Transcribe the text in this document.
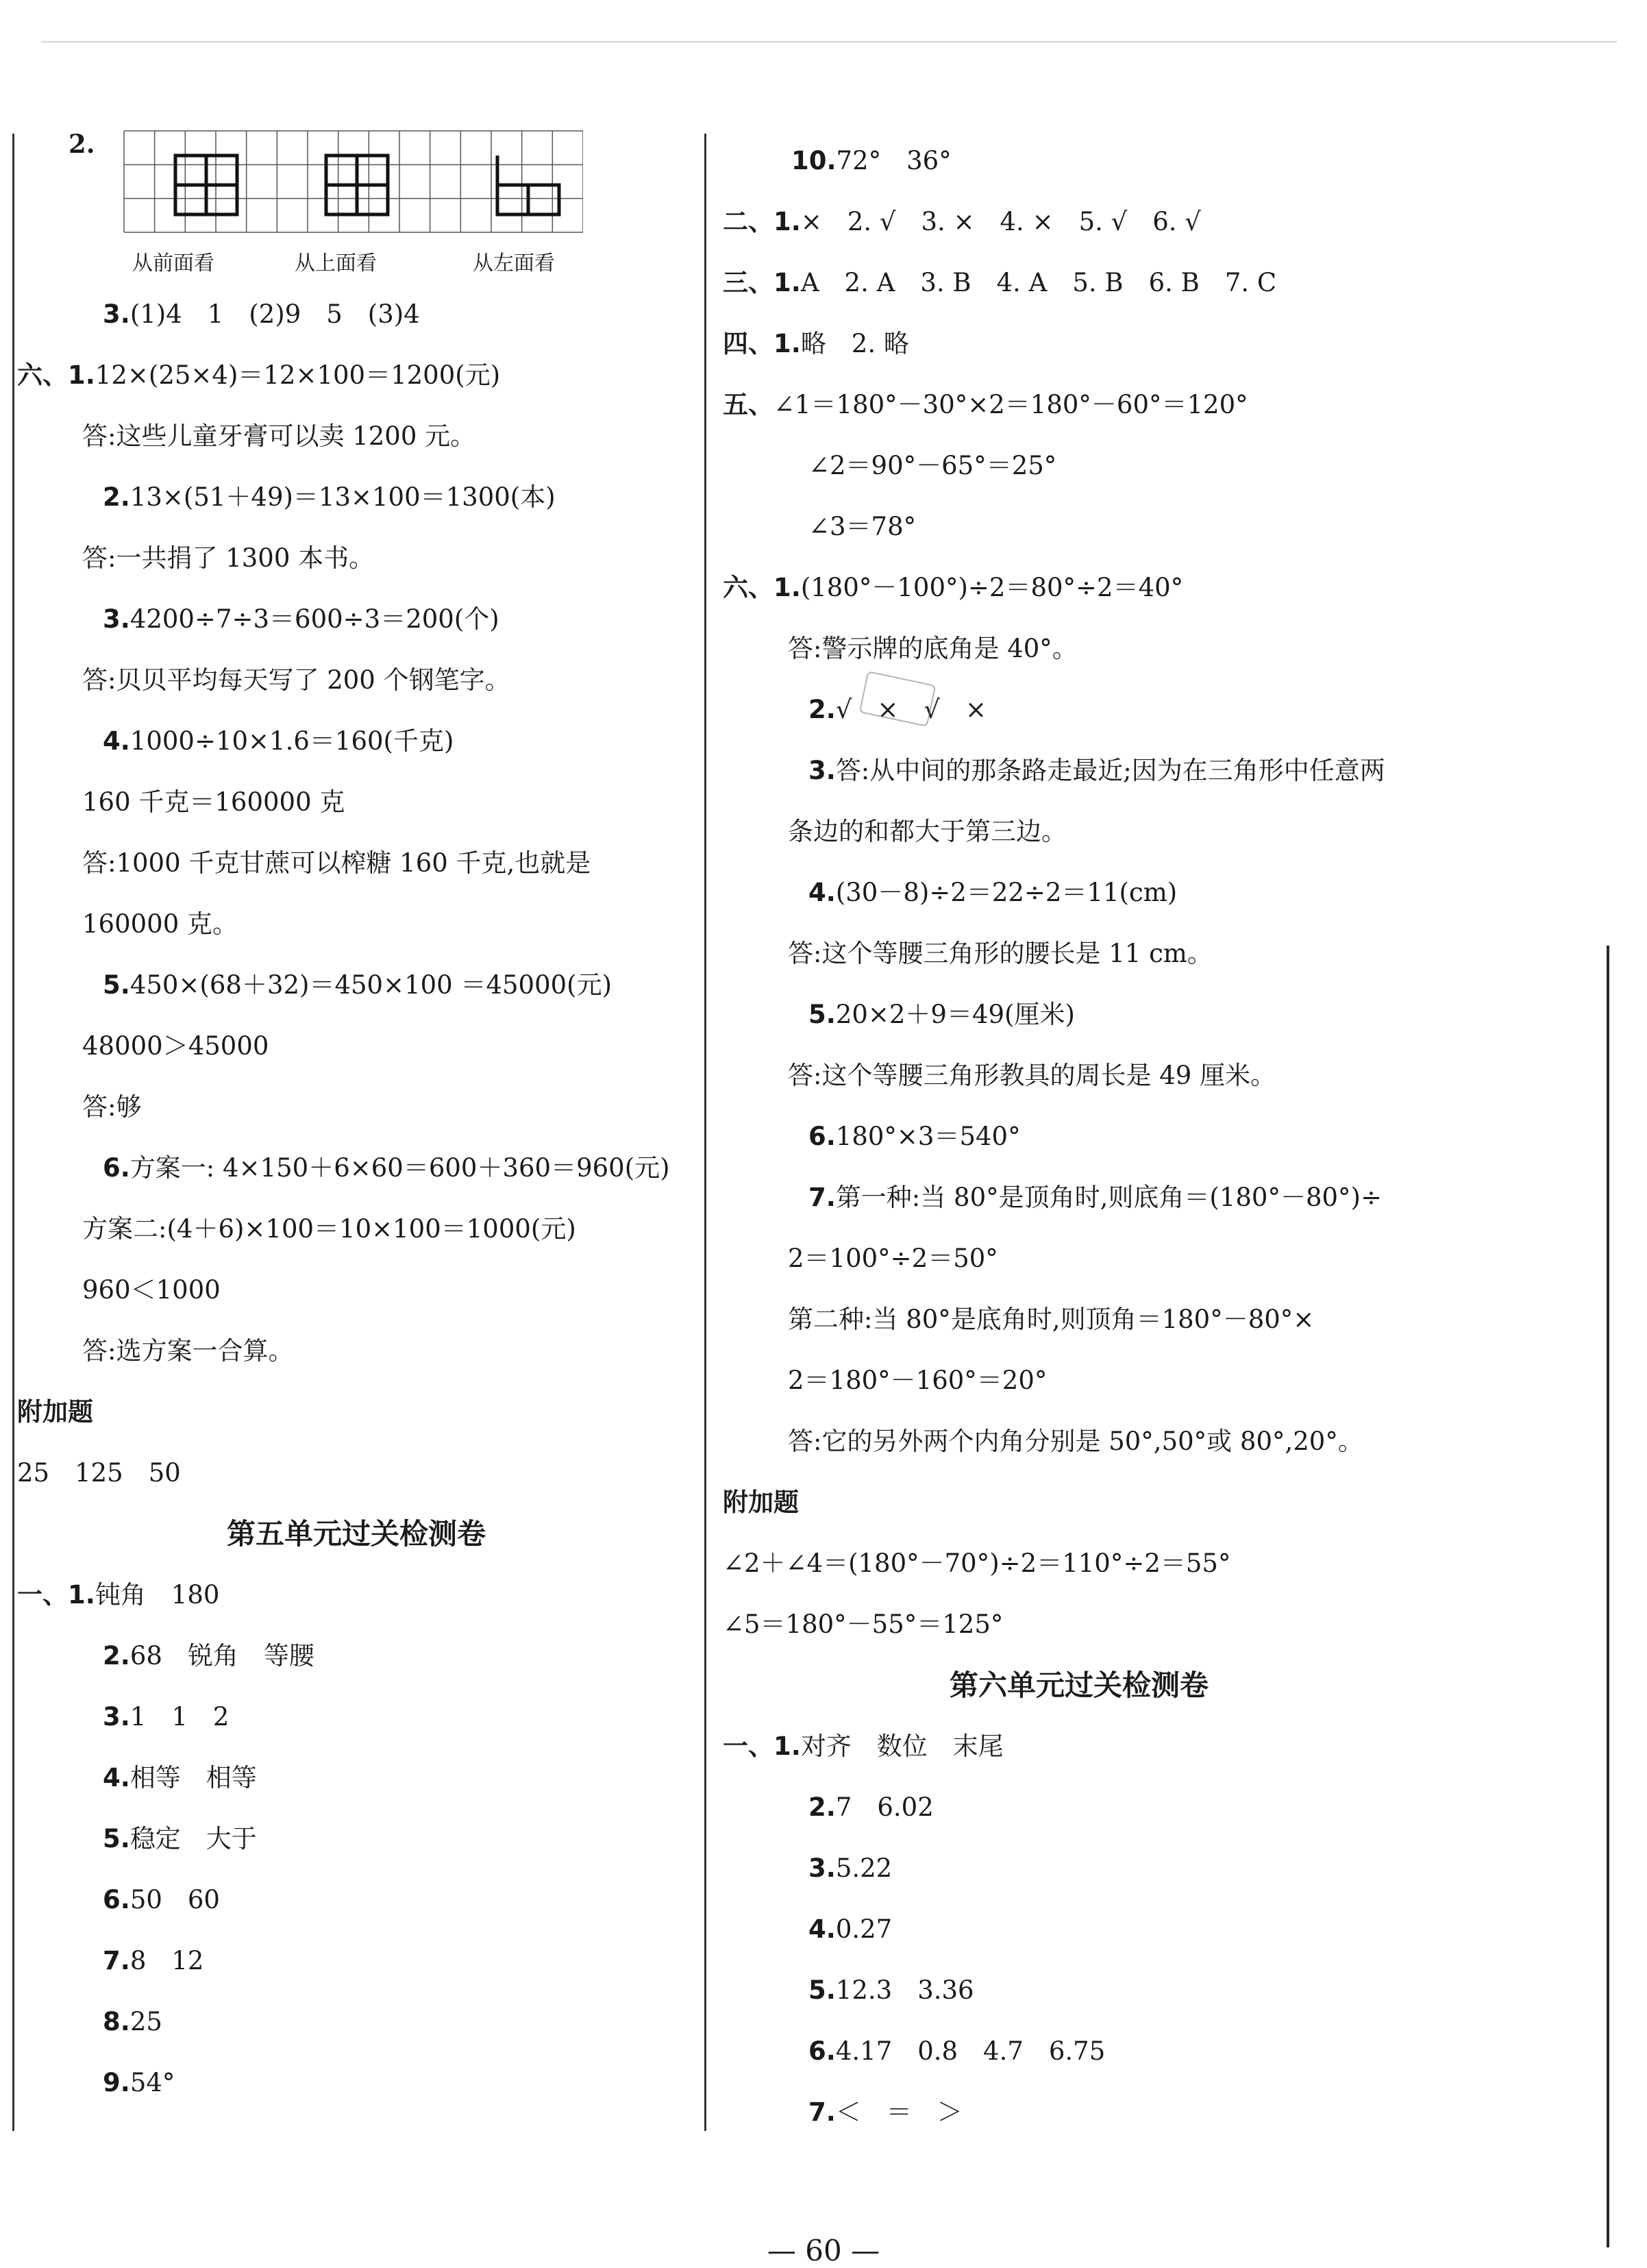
2.
从前面看	从上面看	从左面看
3.(1)4　1　(2)9　5　(3)4
六、1.12×(25×4)＝12×100＝1200(元)
答:这些儿童牙膏可以卖 1200 元。
2.13×(51＋49)＝13×100＝1300(本)
答:一共捐了 1300 本书。
3.4200÷7÷3＝600÷3＝200(个)
答:贝贝平均每天写了 200 个钢笔字。
4.1000÷10×1.6＝160(千克)
160 千克＝160000 克
答:1000 千克甘蔗可以榨糖 160 千克,也就是
160000 克。
5.450×(68＋32)＝450×100 ＝45000(元)
48000＞45000
答:够
6.方案一: 4×150＋6×60＝600＋360＝960(元)
方案二:(4＋6)×100＝10×100＝1000(元)
960＜1000
答:选方案一合算。
附加题
25　125　50
第五单元过关检测卷
一、1.钝角　180
2.68　锐角　等腰
3.1　1　2
4.相等　相等
5.稳定　大于
6.50　60
7.8　12
8.25
9.54°
10.72°　36°
二、1.×　2. √　3. ×　4. ×　5. √　6. √
三、1.A　2. A　3. B　4. A　5. B　6. B　7. C
四、1.略　2. 略
五、∠1＝180°－30°×2＝180°－60°＝120°
∠2＝90°－65°＝25°
∠3＝78°
六、1.(180°－100°)÷2＝80°÷2＝40°
答:警示牌的底角是 40°。
2.√　×　√　×
3.答:从中间的那条路走最近;因为在三角形中任意两
条边的和都大于第三边。
4.(30－8)÷2＝22÷2＝11(cm)
答:这个等腰三角形的腰长是 11 cm。
5.20×2＋9＝49(厘米)
答:这个等腰三角形教具的周长是 49 厘米。
6.180°×3＝540°
7.第一种:当 80°是顶角时,则底角＝(180°－80°)÷
2＝100°÷2＝50°
第二种:当 80°是底角时,则顶角＝180°－80°×
2＝180°－160°＝20°
答:它的另外两个内角分别是 50°,50°或 80°,20°。
附加题
∠2＋∠4＝(180°－70°)÷2＝110°÷2＝55°
∠5＝180°－55°＝125°
第六单元过关检测卷
一、1.对齐　数位　末尾
2.7　6.02
3.5.22
4.0.27
5.12.3　3.36
6.4.17　0.8　4.7　6.75
7.＜　＝　＞
— 60 —
